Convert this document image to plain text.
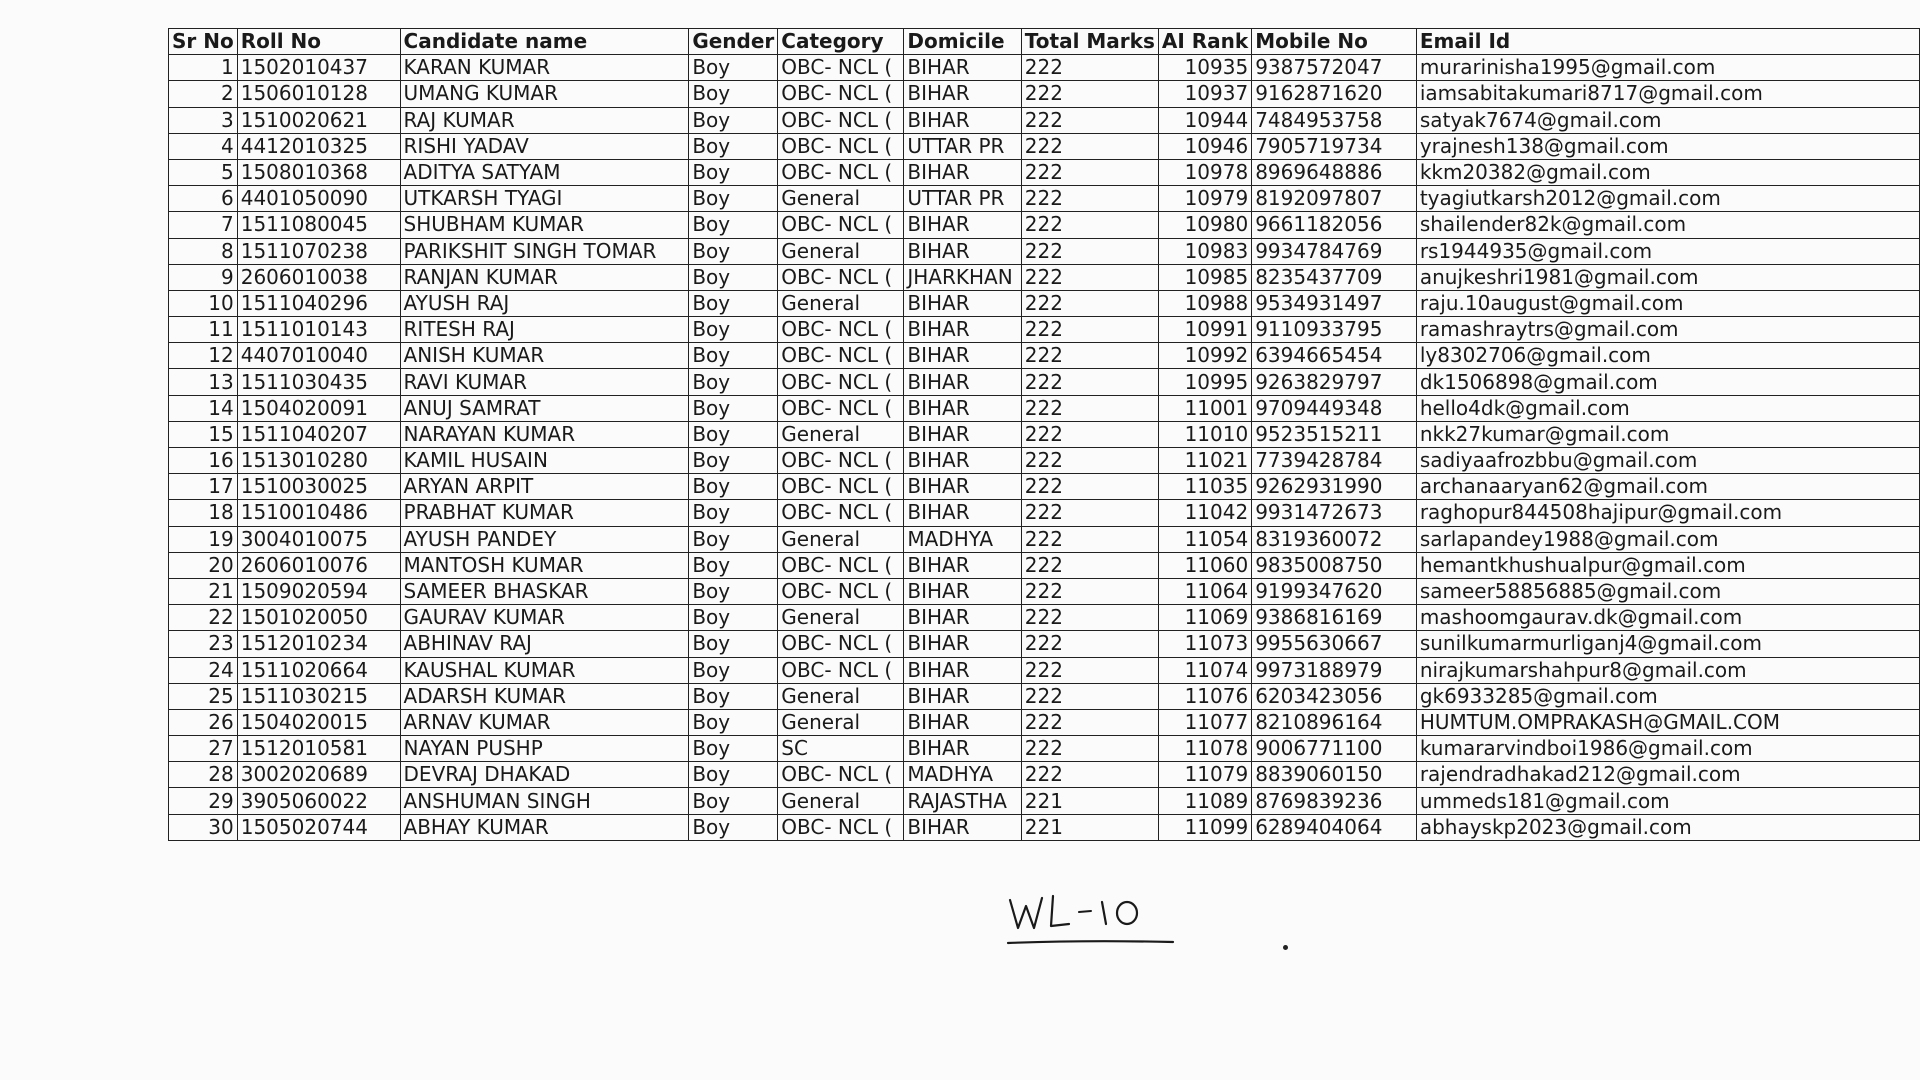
Sr No	Roll No	Candidate name	Gender	Category	Domicile	Total Marks	AI Rank	Mobile No	Email Id
1	1502010437	KARAN KUMAR	Boy	OBC- NCL (	BIHAR	222	10935	9387572047	murarinisha1995@gmail.com
2	1506010128	UMANG KUMAR	Boy	OBC- NCL (	BIHAR	222	10937	9162871620	iamsabitakumari8717@gmail.com
3	1510020621	RAJ KUMAR	Boy	OBC- NCL (	BIHAR	222	10944	7484953758	satyak7674@gmail.com
4	4412010325	RISHI YADAV	Boy	OBC- NCL (	UTTAR PR	222	10946	7905719734	yrajnesh138@gmail.com
5	1508010368	ADITYA SATYAM	Boy	OBC- NCL (	BIHAR	222	10978	8969648886	kkm20382@gmail.com
6	4401050090	UTKARSH TYAGI	Boy	General	UTTAR PR	222	10979	8192097807	tyagiutkarsh2012@gmail.com
7	1511080045	SHUBHAM KUMAR	Boy	OBC- NCL (	BIHAR	222	10980	9661182056	shailender82k@gmail.com
8	1511070238	PARIKSHIT SINGH TOMAR	Boy	General	BIHAR	222	10983	9934784769	rs1944935@gmail.com
9	2606010038	RANJAN KUMAR	Boy	OBC- NCL (	JHARKHAN	222	10985	8235437709	anujkeshri1981@gmail.com
10	1511040296	AYUSH RAJ	Boy	General	BIHAR	222	10988	9534931497	raju.10august@gmail.com
11	1511010143	RITESH RAJ	Boy	OBC- NCL (	BIHAR	222	10991	9110933795	ramashraytrs@gmail.com
12	4407010040	ANISH KUMAR	Boy	OBC- NCL (	BIHAR	222	10992	6394665454	ly8302706@gmail.com
13	1511030435	RAVI KUMAR	Boy	OBC- NCL (	BIHAR	222	10995	9263829797	dk1506898@gmail.com
14	1504020091	ANUJ SAMRAT	Boy	OBC- NCL (	BIHAR	222	11001	9709449348	hello4dk@gmail.com
15	1511040207	NARAYAN KUMAR	Boy	General	BIHAR	222	11010	9523515211	nkk27kumar@gmail.com
16	1513010280	KAMIL HUSAIN	Boy	OBC- NCL (	BIHAR	222	11021	7739428784	sadiyaafrozbbu@gmail.com
17	1510030025	ARYAN ARPIT	Boy	OBC- NCL (	BIHAR	222	11035	9262931990	archanaaryan62@gmail.com
18	1510010486	PRABHAT KUMAR	Boy	OBC- NCL (	BIHAR	222	11042	9931472673	raghopur844508hajipur@gmail.com
19	3004010075	AYUSH PANDEY	Boy	General	MADHYA	222	11054	8319360072	sarlapandey1988@gmail.com
20	2606010076	MANTOSH KUMAR	Boy	OBC- NCL (	BIHAR	222	11060	9835008750	hemantkhushualpur@gmail.com
21	1509020594	SAMEER BHASKAR	Boy	OBC- NCL (	BIHAR	222	11064	9199347620	sameer58856885@gmail.com
22	1501020050	GAURAV KUMAR	Boy	General	BIHAR	222	11069	9386816169	mashoomgaurav.dk@gmail.com
23	1512010234	ABHINAV RAJ	Boy	OBC- NCL (	BIHAR	222	11073	9955630667	sunilkumarmurliganj4@gmail.com
24	1511020664	KAUSHAL KUMAR	Boy	OBC- NCL (	BIHAR	222	11074	9973188979	nirajkumarshahpur8@gmail.com
25	1511030215	ADARSH KUMAR	Boy	General	BIHAR	222	11076	6203423056	gk6933285@gmail.com
26	1504020015	ARNAV KUMAR	Boy	General	BIHAR	222	11077	8210896164	HUMTUM.OMPRAKASH@GMAIL.COM
27	1512010581	NAYAN PUSHP	Boy	SC	BIHAR	222	11078	9006771100	kumararvindboi1986@gmail.com
28	3002020689	DEVRAJ DHAKAD	Boy	OBC- NCL (	MADHYA	222	11079	8839060150	rajendradhakad212@gmail.com
29	3905060022	ANSHUMAN SINGH	Boy	General	RAJASTHA	221	11089	8769839236	ummeds181@gmail.com
30	1505020744	ABHAY KUMAR	Boy	OBC- NCL (	BIHAR	221	11099	6289404064	abhayskp2023@gmail.com
